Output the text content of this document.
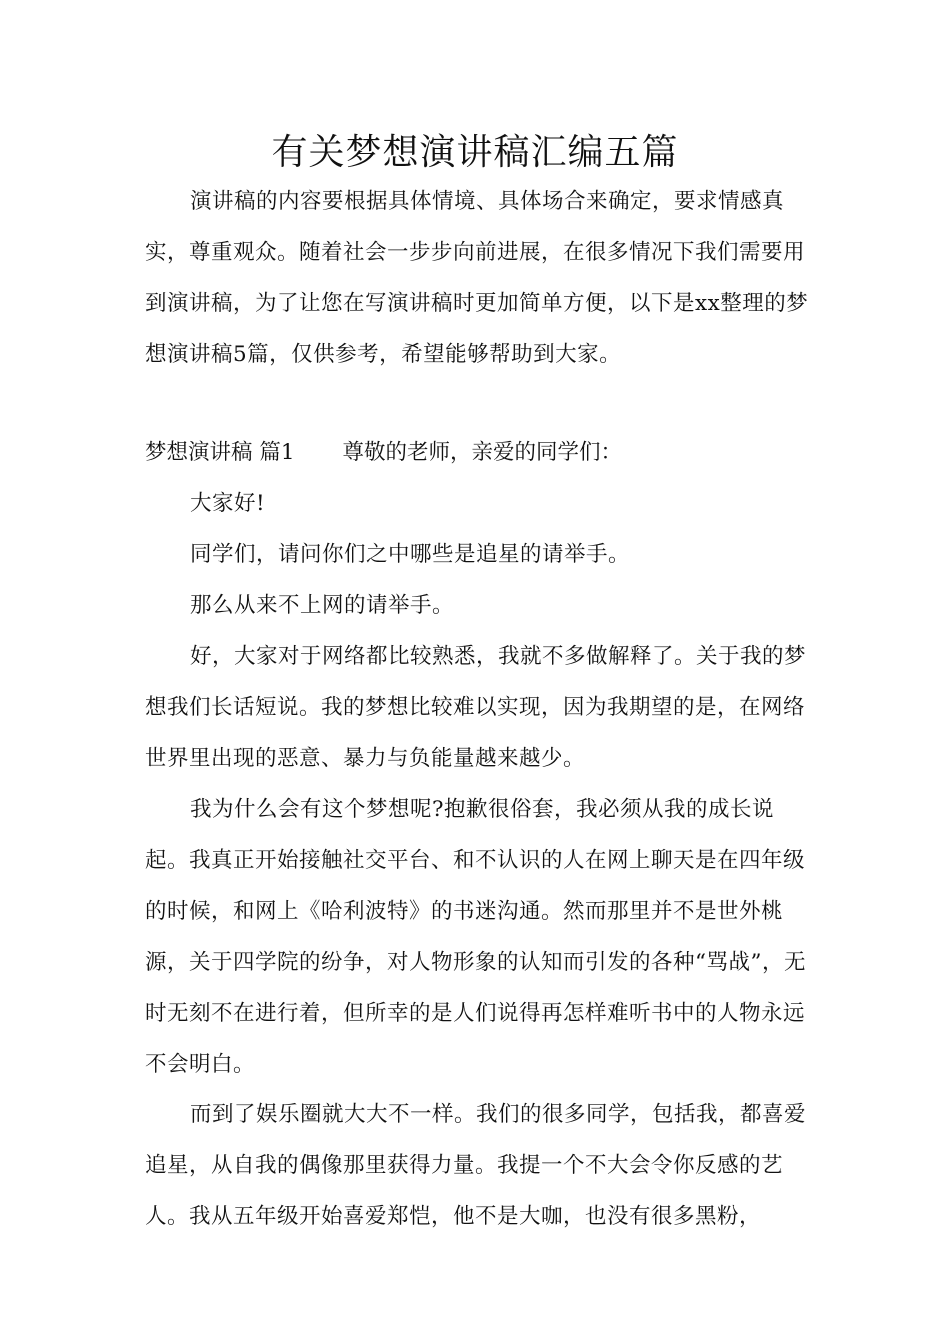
有关梦想演讲稿汇编五篇

演讲稿的内容要根据具体情境、具体场合来确定，要求情感真实，尊重观众。随着社会一步步向前进展，在很多情况下我们需要用到演讲稿，为了让您在写演讲稿时更加简单方便，以下是xx整理的梦想演讲稿5篇，仅供参考，希望能够帮助到大家。

梦想演讲稿 篇1 尊敬的老师，亲爱的同学们：

大家好!

同学们，请问你们之中哪些是追星的请举手。

那么从来不上网的请举手。

好，大家对于网络都比较熟悉，我就不多做解释了。关于我的梦想我们长话短说。我的梦想比较难以实现，因为我期望的是，在网络世界里出现的恶意、暴力与负能量越来越少。

我为什么会有这个梦想呢?抱歉很俗套，我必须从我的成长说起。我真正开始接触社交平台、和不认识的人在网上聊天是在四年级的时候，和网上《哈利波特》的书迷沟通。然而那里并不是世外桃源，关于四学院的纷争，对人物形象的认知而引发的各种“骂战”，无时无刻不在进行着，但所幸的是人们说得再怎样难听书中的人物永远不会明白。

而到了娱乐圈就大大不一样。我们的很多同学，包括我，都喜爱追星，从自我的偶像那里获得力量。我提一个不大会令你反感的艺人。我从五年级开始喜爱郑恺，他不是大咖，也没有很多黑粉，
